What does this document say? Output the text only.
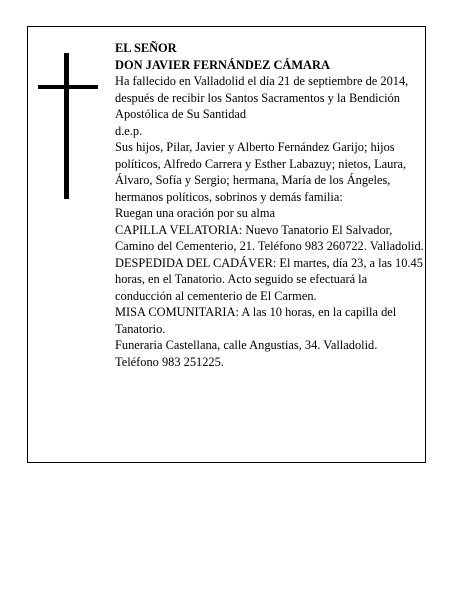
EL SEÑOR

DON JAVIER FERNÁNDEZ CÁMARA

Ha fallecido en Valladolid el día 21 de septiembre de 2014, después de recibir los Santos Sacramentos y la Bendición Apostólica de Su Santidad

d.e.p.

Sus hijos, Pilar, Javier y Alberto Fernández Garijo; hijos políticos, Alfredo Carrera y Esther Labazuy; nietos, Laura, Álvaro, Sofía y Sergio; hermana, María de los Ángeles, hermanos políticos, sobrinos y demás familia:

Ruegan una oración por su alma

CAPILLA VELATORIA: Nuevo Tanatorio El Salvador, Camino del Cementerio, 21. Teléfono 983 260722. Valladolid.

DESPEDIDA DEL CADÁVER: El martes, día 23, a las 10.45 horas, en el Tanatorio. Acto seguido se efectuará la conducción al cementerio de El Carmen.

MISA COMUNITARIA: A las 10 horas, en la capilla del Tanatorio.

Funeraria Castellana, calle Angustias, 34. Valladolid. Teléfono 983 251225.
